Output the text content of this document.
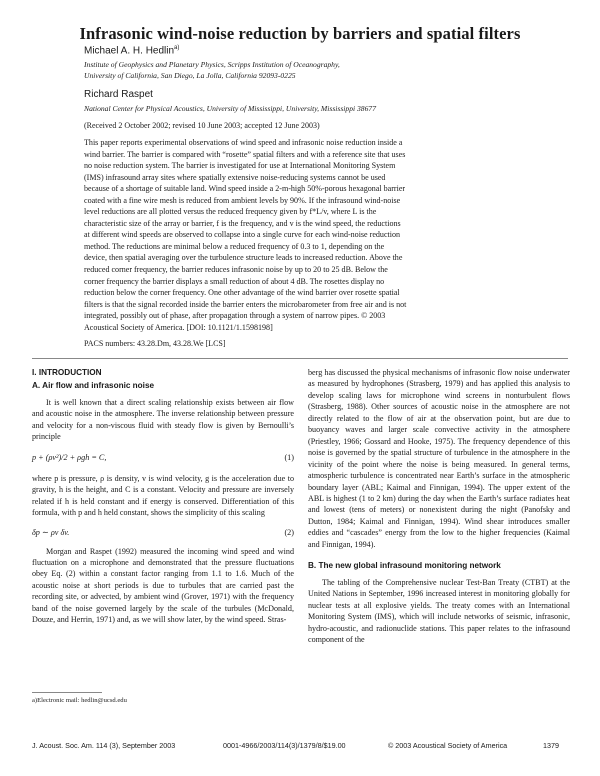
Infrasonic wind-noise reduction by barriers and spatial filters
Michael A. H. Hedlin$^{a)}$
Institute of Geophysics and Planetary Physics, Scripps Institution of Oceanography,
University of California, San Diego, La Jolla, California 92093-0225
Richard Raspet
National Center for Physical Acoustics, University of Mississippi, University, Mississippi 38677
(Received 2 October 2002; revised 10 June 2003; accepted 12 June 2003)
This paper reports experimental observations of wind speed and infrasonic noise reduction inside a
wind barrier. The barrier is compared with “rosette” spatial filters and with a reference site that uses
no noise reduction system. The barrier is investigated for use at International Monitoring System
(IMS) infrasound array sites where spatially extensive noise-reducing systems cannot be used
because of a shortage of suitable land. Wind speed inside a 2-m-high 50%-porous hexagonal barrier
coated with a fine wire mesh is reduced from ambient levels by 90%. If the infrasound wind-noise
level reductions are all plotted versus the reduced frequency given by f*L/v, where L is the
characteristic size of the array or barrier, f is the frequency, and v is the wind speed, the reductions
at different wind speeds are observed to collapse into a single curve for each wind-noise reduction
method. The reductions are minimal below a reduced frequency of 0.3 to 1, depending on the
device, then spatial averaging over the turbulence structure leads to increased reduction. Above the
reduced corner frequency, the barrier reduces infrasonic noise by up to 20 to 25 dB. Below the
corner frequency the barrier displays a small reduction of about 4 dB. The rosettes display no
reduction below the corner frequency. One other advantage of the wind barrier over rosette spatial
filters is that the signal recorded inside the barrier enters the microbarometer from free air and is not
integrated, possibly out of phase, after propagation through a system of narrow pipes. © 2003
Acoustical Society of America. [DOI: 10.1121/1.1598198]
PACS numbers: 43.28.Dm, 43.28.We [LCS]
I. INTRODUCTION
A. Air flow and infrasonic noise

It is well known that a direct scaling relationship exists between air flow and acoustic noise in the atmosphere. The inverse relationship between pressure and velocity for a non-viscous fluid with steady flow is given by Bernoulli’s principle

p + (ρv²)/2 + ρgh = C,	(1)

where p is pressure, ρ is density, v is wind velocity, g is the acceleration due to gravity, h is the height, and C is a constant. Velocity and pressure are inversely related if h is held constant and if energy is conserved. Differentiation of this formula, with p and h held constant, shows the simplicity of this scaling

δp ∼ ρv δv.	(2)

Morgan and Raspet (1992) measured the incoming wind speed and wind fluctuation on a microphone and demonstrated that the pressure fluctuations obey Eq. (2) within a constant factor ranging from 1.1 to 1.6. Much of the acoustic noise at short periods is due to turbules that are carried past the recording site, or advected, by ambient wind (Grover, 1971) with the frequency band of the noise governed largely by the scale of the turbules (McDonald, Douze, and Herrin, 1971) and, as we will show later, by the wind speed. Stras-

a)Electronic mail: hedlin@ucsd.edu

berg has discussed the physical mechanisms of infrasonic flow noise underwater as measured by hydrophones (Strasberg, 1979) and has applied this analysis to develop scaling laws for microphone wind screens in nonturbulent flows (Strasberg, 1988). Other sources of acoustic noise in the atmosphere are not directly related to the flow of air at the observation point, but are due to buoyancy waves and larger scale convective activity in the atmosphere (Priestley, 1966; Gossard and Hooke, 1975). The frequency dependence of this noise is governed by the spatial structure of turbulence in the atmosphere in the vicinity of the point where the noise is being measured. In general terms, atmospheric turbulence is concentrated near Earth’s surface in the atmospheric boundary layer (ABL; Kaimal and Finnigan, 1994). The upper extent of the ABL is highest (1 to 2 km) during the day when the Earth’s surface radiates heat and lowest (tens of meters) or nonexistent during the night (Panofsky and Dutton, 1984; Kaimal and Finnigan, 1994). Wind shear introduces smaller eddies and “cascades” energy from the low to the higher frequencies (Kaimal and Finnigan, 1994).

B. The new global infrasound monitoring network

The tabling of the Comprehensive nuclear Test-Ban Treaty (CTBT) at the United Nations in September, 1996 increased interest in monitoring globally for nuclear tests at all explosive yields. The treaty comes with an International Monitoring System (IMS), which will include networks of seismic, infrasonic, hydro-acoustic, and radionuclide stations. This paper relates to the infrasound component of the

J. Acoust. Soc. Am. 114 (3), September 2003	0001-4966/2003/114(3)/1379/8/$19.00	© 2003 Acoustical Society of America	1379
